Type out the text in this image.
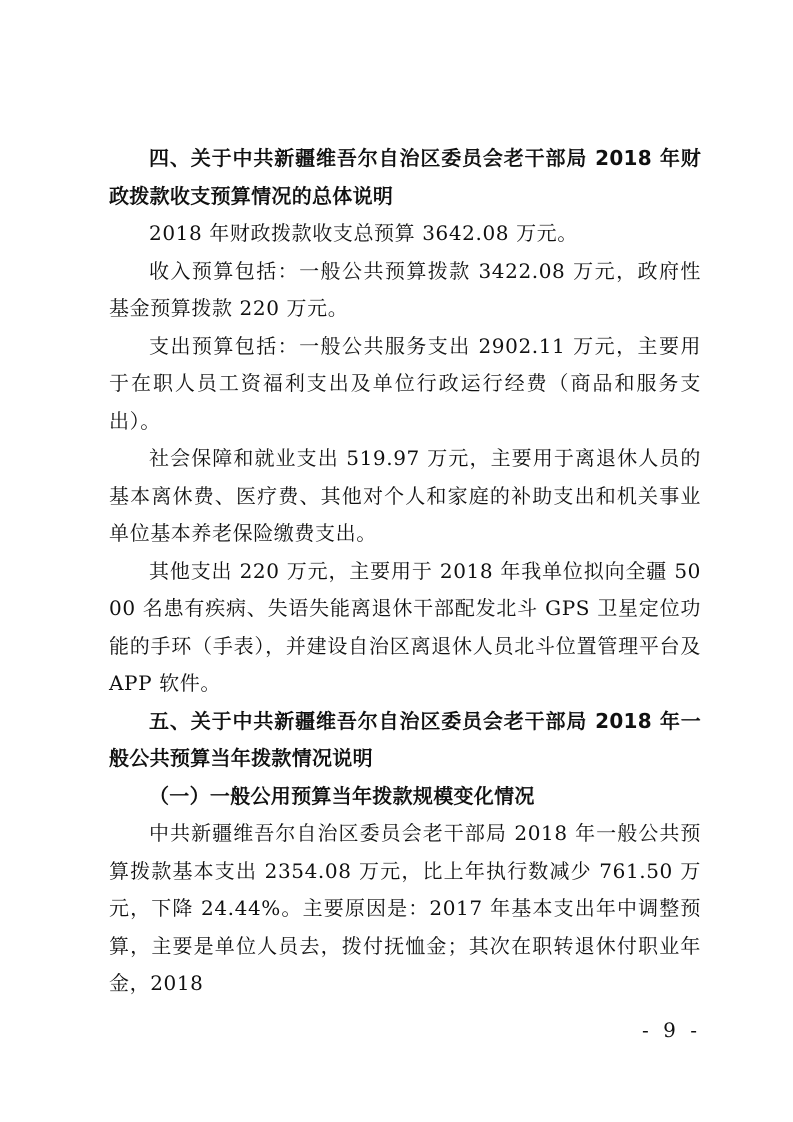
四、关于中共新疆维吾尔自治区委员会老干部局 2018 年财政拨款收支预算情况的总体说明

2018 年财政拨款收支总预算 3642.08 万元。

收入预算包括：一般公共预算拨款 3422.08 万元，政府性基金预算拨款 220 万元。

支出预算包括：一般公共服务支出 2902.11 万元，主要用于在职人员工资福利支出及单位行政运行经费（商品和服务支出）。

社会保障和就业支出 519.97 万元，主要用于离退休人员的基本离休费、医疗费、其他对个人和家庭的补助支出和机关事业单位基本养老保险缴费支出。

其他支出 220 万元，主要用于 2018 年我单位拟向全疆 5000 名患有疾病、失语失能离退休干部配发北斗 GPS 卫星定位功能的手环（手表），并建设自治区离退休人员北斗位置管理平台及 APP 软件。

五、关于中共新疆维吾尔自治区委员会老干部局 2018 年一般公共预算当年拨款情况说明

（一）一般公用预算当年拨款规模变化情况

中共新疆维吾尔自治区委员会老干部局 2018 年一般公共预算拨款基本支出 2354.08 万元，比上年执行数减少 761.50 万元，下降 24.44%。主要原因是：2017 年基本支出年中调整预算，主要是单位人员去，拨付抚恤金；其次在职转退休付职业年金，2018

- 9 -
